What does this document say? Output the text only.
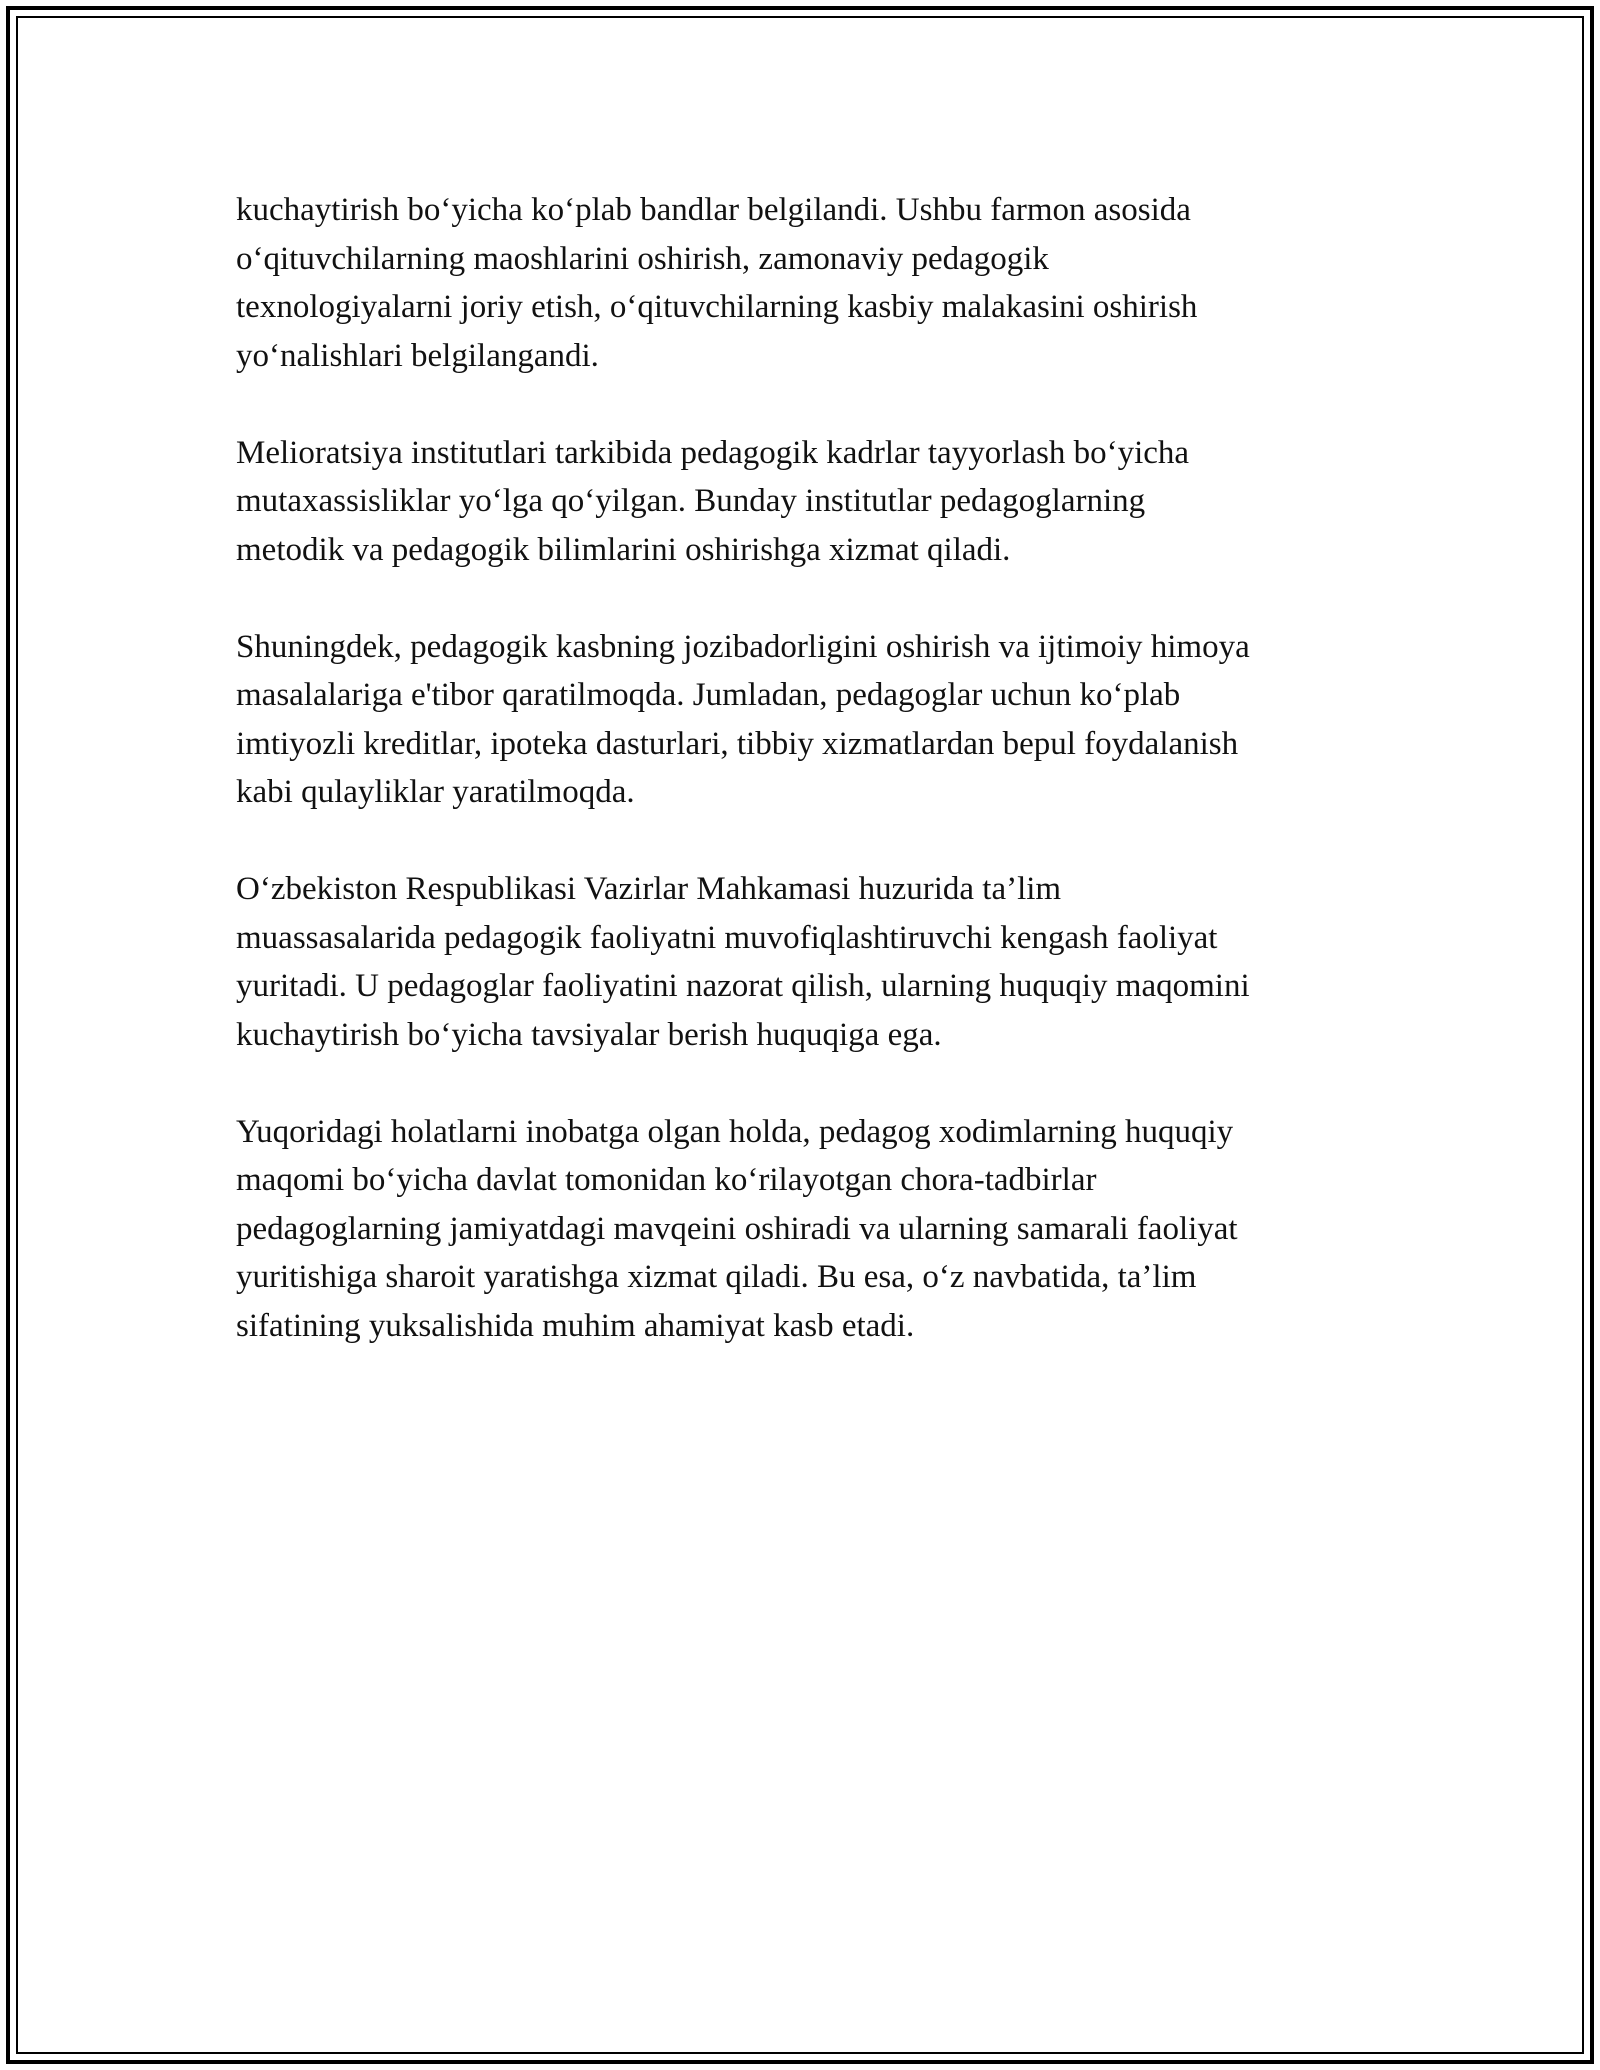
kuchaytirish bo‘yicha ko‘plab bandlar belgilandi. Ushbu farmon asosida
o‘qituvchilarning maoshlarini oshirish, zamonaviy pedagogik
texnologiyalarni joriy etish, o‘qituvchilarning kasbiy malakasini oshirish
yo‘nalishlari belgilangandi.

Melioratsiya institutlari tarkibida pedagogik kadrlar tayyorlash bo‘yicha
mutaxassisliklar yo‘lga qo‘yilgan. Bunday institutlar pedagoglarning
metodik va pedagogik bilimlarini oshirishga xizmat qiladi.

Shuningdek, pedagogik kasbning jozibadorligini oshirish va ijtimoiy himoya
masalalariga e'tibor qaratilmoqda. Jumladan, pedagoglar uchun ko‘plab
imtiyozli kreditlar, ipoteka dasturlari, tibbiy xizmatlardan bepul foydalanish
kabi qulayliklar yaratilmoqda.

O‘zbekiston Respublikasi Vazirlar Mahkamasi huzurida ta’lim
muassasalarida pedagogik faoliyatni muvofiqlashtiruvchi kengash faoliyat
yuritadi. U pedagoglar faoliyatini nazorat qilish, ularning huquqiy maqomini
kuchaytirish bo‘yicha tavsiyalar berish huquqiga ega.

Yuqoridagi holatlarni inobatga olgan holda, pedagog xodimlarning huquqiy
maqomi bo‘yicha davlat tomonidan ko‘rilayotgan chora-tadbirlar
pedagoglarning jamiyatdagi mavqeini oshiradi va ularning samarali faoliyat
yuritishiga sharoit yaratishga xizmat qiladi. Bu esa, o‘z navbatida, ta’lim
sifatining yuksalishida muhim ahamiyat kasb etadi.
